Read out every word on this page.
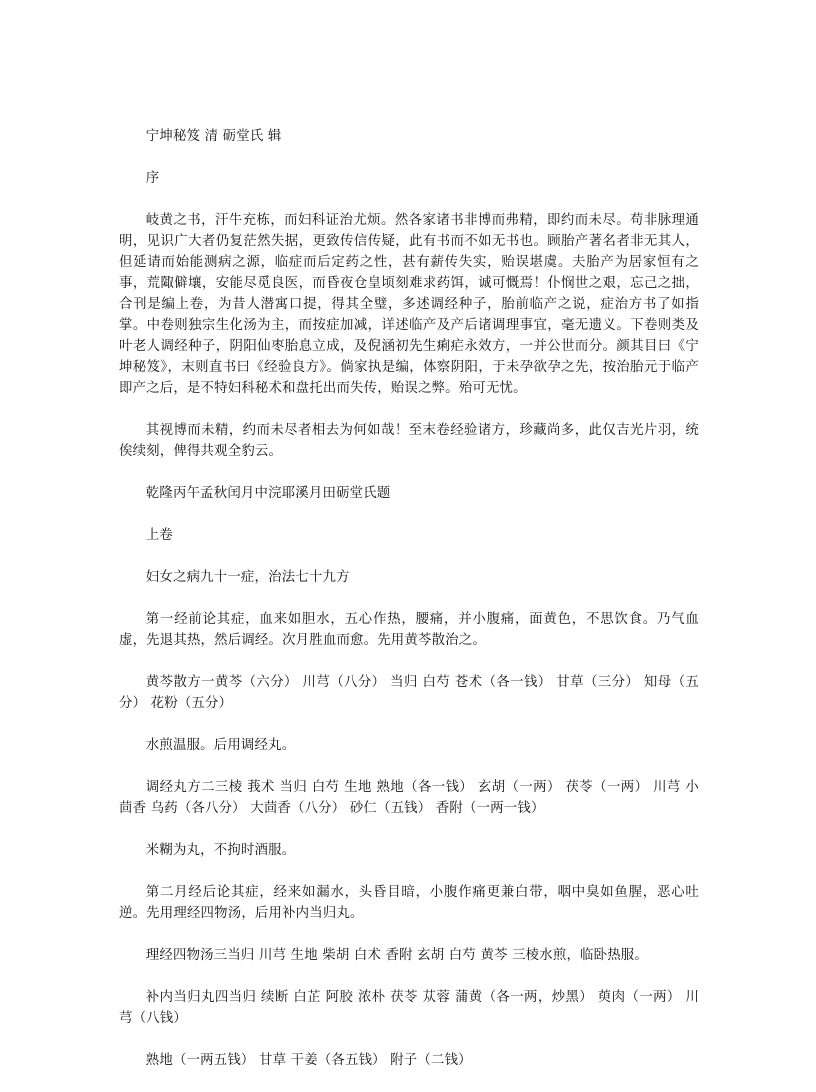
宁坤秘笈 清 砺堂氏 辑

序

岐黄之书，汗牛充栋，而妇科证治尤烦。然各家诸书非博而弗精，即约而未尽。苟非脉理通明，见识广大者仍复茫然失据，更致传信传疑，此有书而不如无书也。顾胎产著名者非无其人，但延请而始能测病之源，临症而后定药之性，甚有薪传失实，贻误堪虞。夫胎产为居家恒有之事，荒陬僻壤，安能尽觅良医，而昏夜仓皇顷刻难求药饵，诚可慨焉！仆悯世之艰，忘己之拙，合刊是编上卷，为昔人潜寓口提，得其全璧，多述调经种子，胎前临产之说，症治方书了如指掌。中卷则独宗生化汤为主，而按症加减，详述临产及产后诸调理事宜，毫无遗义。下卷则类及叶老人调经种子，阴阳仙枣胎息立成，及倪涵初先生痢疟永效方，一并公世而分。颜其目曰《宁坤秘笈》，末则直书曰《经验良方》。倘家执是编，体察阴阳，于未孕欲孕之先，按治胎元于临产即产之后，是不特妇科秘术和盘托出而失传，贻误之弊。殆可无忧。

其视博而未精，约而未尽者相去为何如哉！至末卷经验诸方，珍藏尚多，此仅吉光片羽，统俟续刻，俾得共观全豹云。

乾隆丙午孟秋闰月中浣耶溪月田砺堂氏题

上卷

妇女之病九十一症，治法七十九方

第一经前论其症，血来如胆水，五心作热，腰痛，并小腹痛，面黄色，不思饮食。乃气血虚，先退其热，然后调经。次月胜血而愈。先用黄芩散治之。

黄芩散方一黄芩（六分） 川芎（八分） 当归 白芍 苍术（各一钱） 甘草（三分） 知母（五分） 花粉（五分）

水煎温服。后用调经丸。

调经丸方二三棱 莪术 当归 白芍 生地 熟地（各一钱） 玄胡（一两） 茯苓（一两） 川芎 小茴香 乌药（各八分） 大茴香（八分） 砂仁（五钱） 香附（一两一钱）

米糊为丸，不拘时酒服。

第二月经后论其症，经来如漏水，头昏目暗，小腹作痛更兼白带，咽中臭如鱼腥，恶心吐逆。先用理经四物汤，后用补内当归丸。

理经四物汤三当归 川芎 生地 柴胡 白术 香附 玄胡 白芍 黄芩 三棱水煎，临卧热服。

补内当归丸四当归 续断 白芷 阿胶 浓朴 茯苓 苁蓉 蒲黄（各一两，炒黑） 萸肉（一两） 川芎（八钱）

熟地（一两五钱） 甘草 干姜（各五钱） 附子（二钱）
